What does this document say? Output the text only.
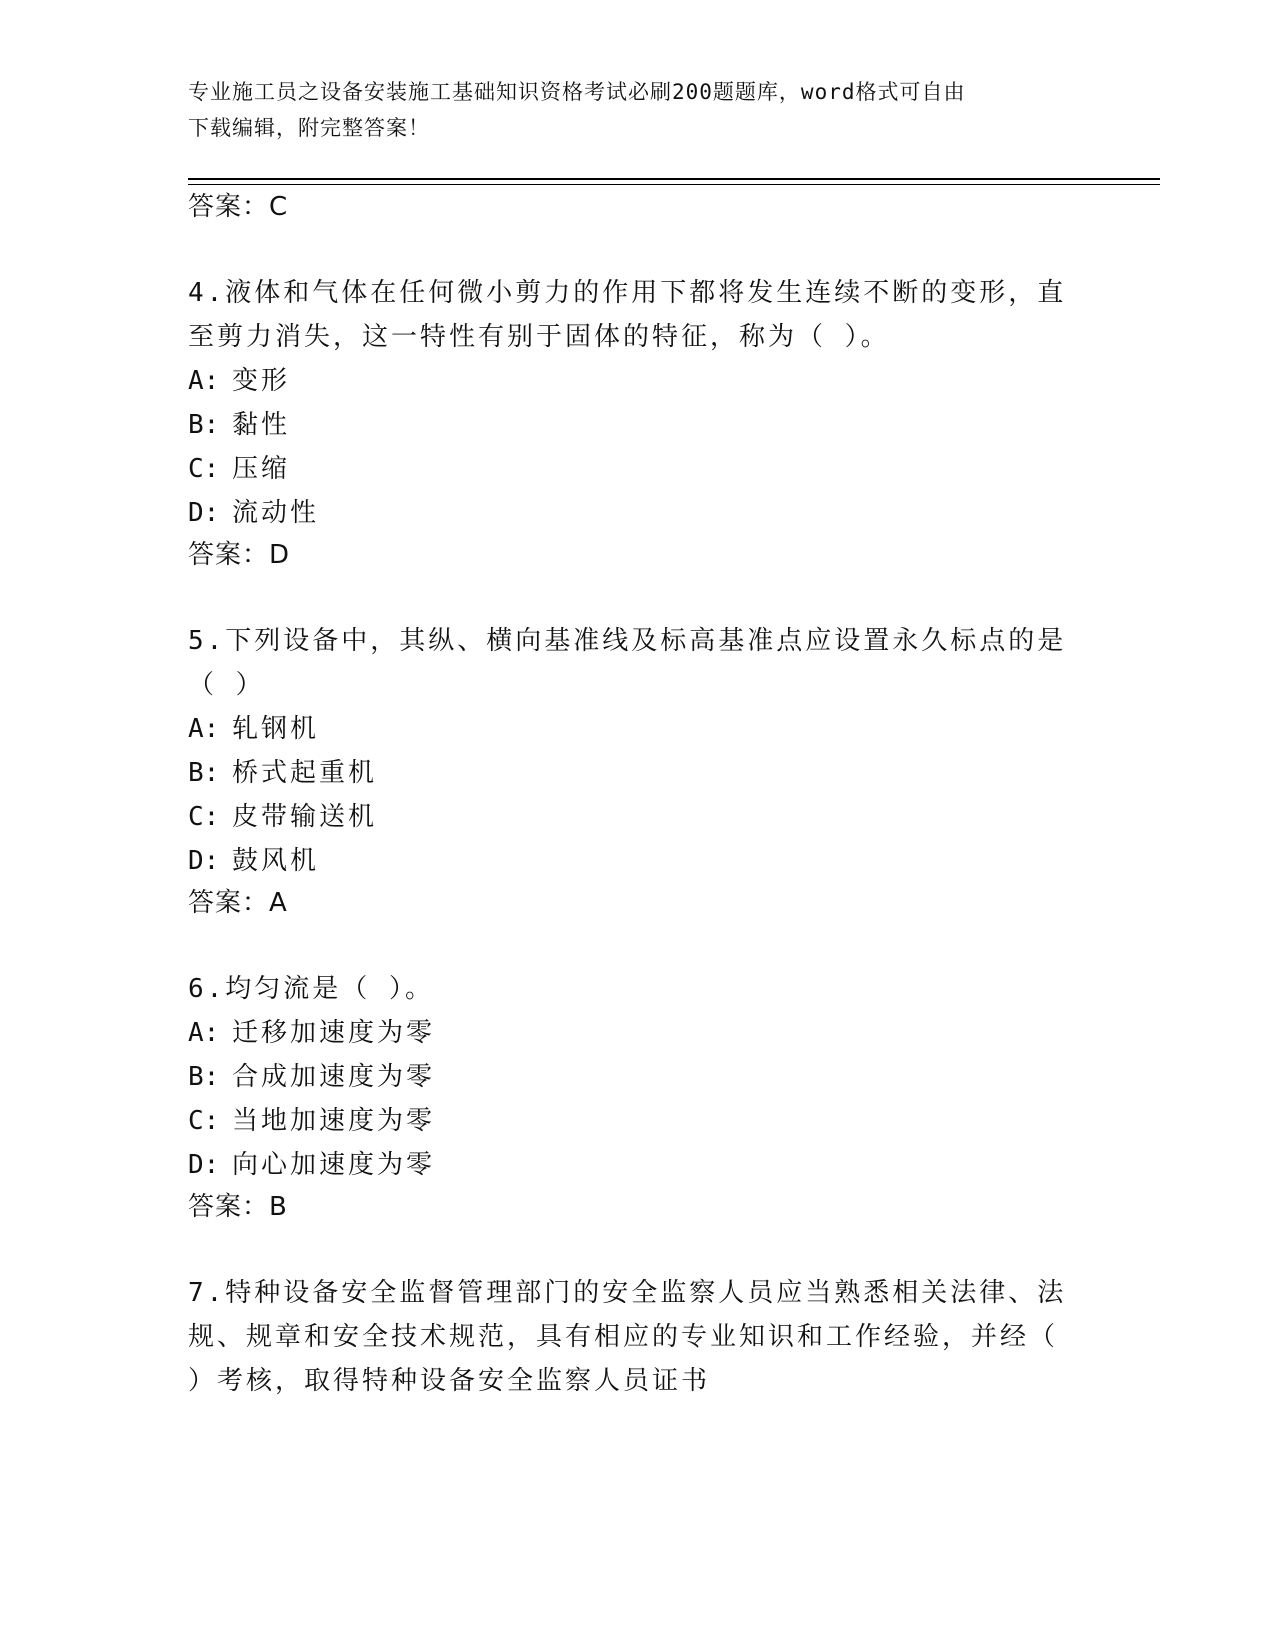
专业施工员之设备安装施工基础知识资格考试必刷200题题库，word格式可自由
下载编辑，附完整答案！
答案：C
4.液体和气体在任何微小剪力的作用下都将发生连续不断的变形，直
至剪力消失，这一特性有别于固体的特征，称为（ ）。
A: 变形
B: 黏性
C: 压缩
D: 流动性
答案：D
5.下列设备中，其纵、横向基准线及标高基准点应设置永久标点的是
（ ）
A: 轧钢机
B: 桥式起重机
C: 皮带输送机
D: 鼓风机
答案：A
6.均匀流是（ ）。
A: 迁移加速度为零
B: 合成加速度为零
C: 当地加速度为零
D: 向心加速度为零
答案：B
7.特种设备安全监督管理部门的安全监察人员应当熟悉相关法律、法
规、规章和安全技术规范，具有相应的专业知识和工作经验，并经（
）考核，取得特种设备安全监察人员证书
